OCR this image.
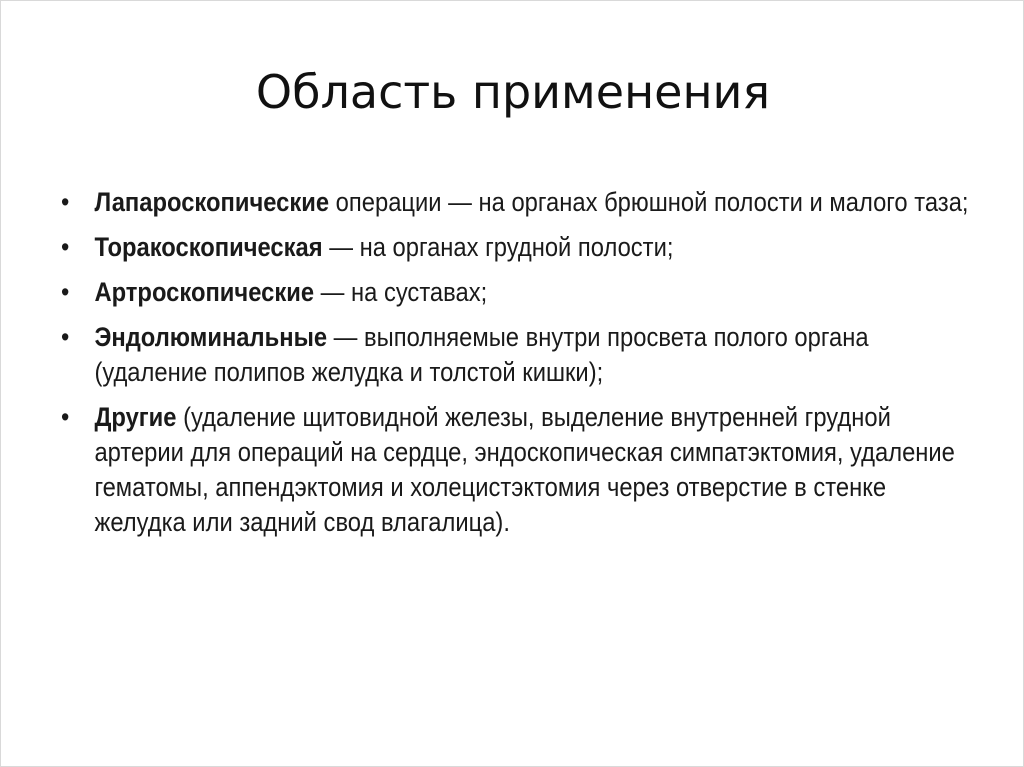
Область применения
• Лапароскопические операции — на органах брюшной полости и малого таза;
• Торакоскопическая — на органах грудной полости;
• Артроскопические — на суставах;
• Эндолюминальные — выполняемые внутри просвета полого органа (удаление полипов желудка и толстой кишки);
• Другие (удаление щитовидной железы, выделение внутренней грудной артерии для операций на сердце, эндоскопическая симпатэктомия, удаление гематомы, аппендэктомия и холецистэктомия через отверстие в стенке желудка или задний свод влагалица).
